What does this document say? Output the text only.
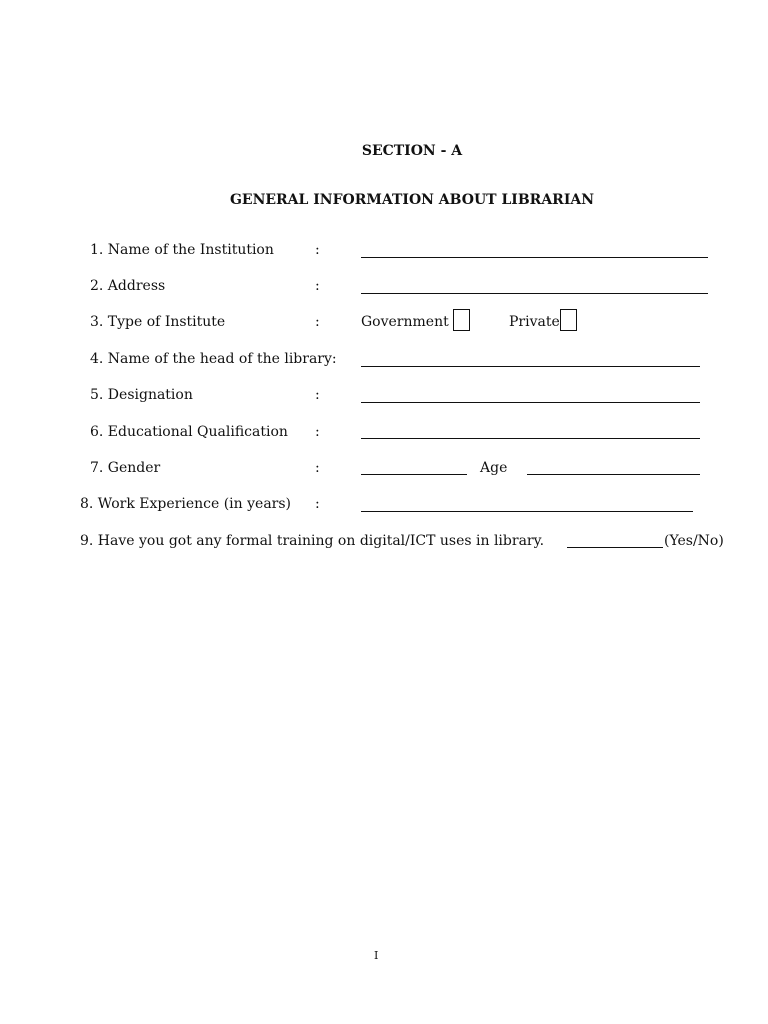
SECTION - A
GENERAL INFORMATION ABOUT LIBRARIAN
1. Name of the Institution	:
2. Address	:
3. Type of Institute	:	Government	Private
4. Name of the head of the library:
5. Designation	:
6. Educational Qualification :
7. Gender	:	Age
8. Work Experience (in years) :
9. Have you got any formal training on digital/ICT uses in library.	(Yes/No)
I
